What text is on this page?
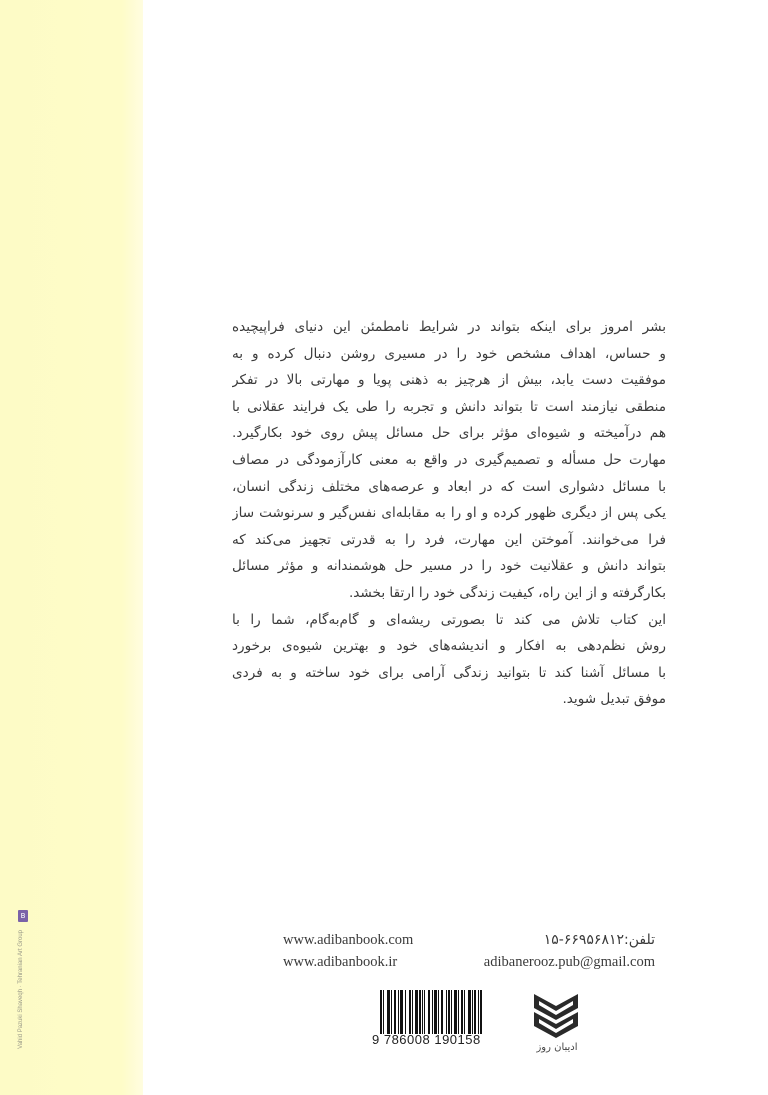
B
Vahid Pazuki Shaveqh · Tehranian Art Group
بشر امروز برای اینکه بتواند در شرایط نامطمئن این دنیای فراپیچیده
و حساس، اهداف مشخص خود را در مسیری روشن دنبال کرده و به
موفقیت دست یابد، بیش از هرچیز به ذهنی پویا و مهارتی بالا در تفکر
منطقی نیازمند است تا بتواند دانش و تجربه را طی یک فرایند عقلانی با
هم درآمیخته و شیوه‌ای مؤثر برای حل مسائل پیش روی خود بکارگیرد.
مهارت حل مسأله و تصمیم‌گیری در واقع به معنی کارآزمودگی در مصاف
با مسائل دشواری است که در ابعاد و عرصه‌های مختلف زندگی انسان،
یکی پس از دیگری ظهور کرده و او را به مقابله‌ای نفس‌گیر و سرنوشت ساز
فرا می‌خوانند. آموختن این مهارت، فرد را به قدرتی تجهیز می‌کند که
بتواند دانش و عقلانیت خود را در مسیر حل هوشمندانه و مؤثر مسائل
بکارگرفته و از این راه، کیفیت زندگی خود را ارتقا بخشد.
این کتاب تلاش می کند تا بصورتی ریشه‌ای و گام‌به‌گام، شما را با
روش نظم‌دهی به افکار و اندیشه‌های خود و بهترین شیوه‌ی برخورد
با مسائل آشنا کند تا بتوانید زندگی آرامی برای خود ساخته و به فردی
موفق تبدیل شوید.
www.adibanbook.com	تلفن:۶۶۹۵۶۸۱۲-۱۵
www.adibanbook.ir	adibanerooz.pub@gmail.com
9 786008 190158
ادیبان روز
